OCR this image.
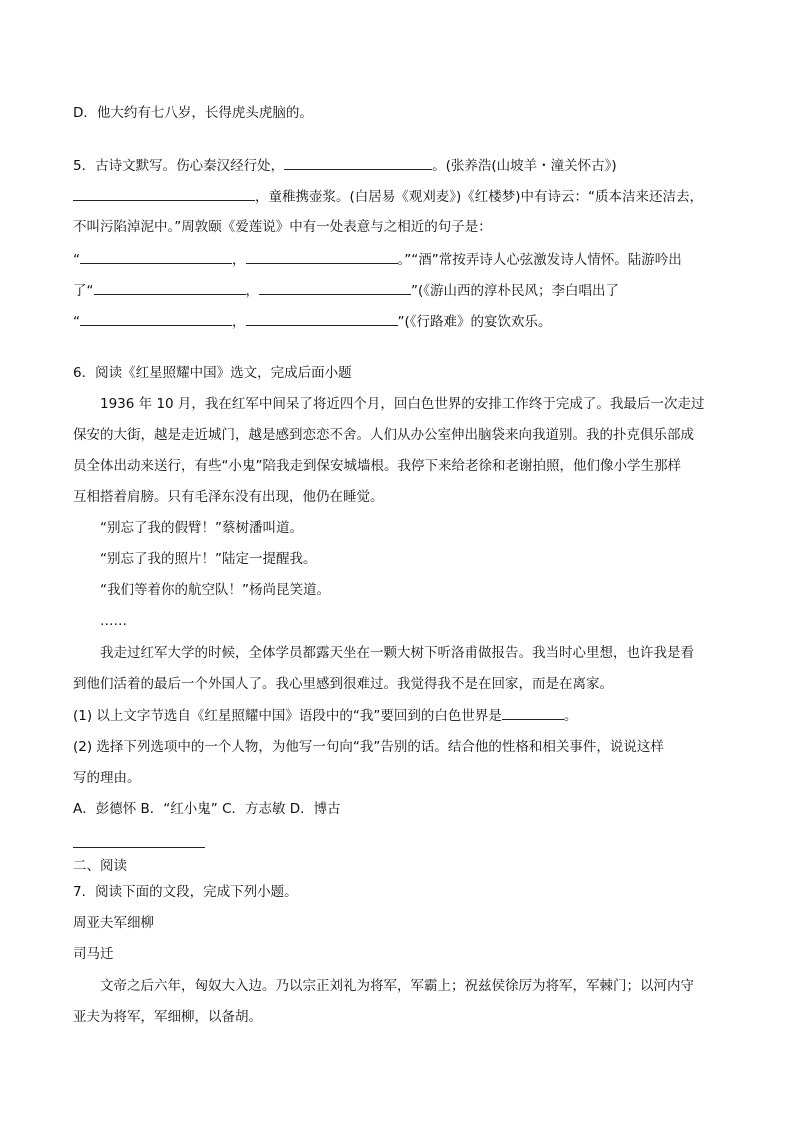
D．他大约有七八岁，长得虎头虎脑的。
5．古诗文默写。伤心秦汉经行处，	。(张养浩(山坡羊・潼关怀古》)
，童稚携壶浆。(白居易《观刈麦》)《红楼梦)中有诗云：“质本洁来还洁去，
不叫污陷淖泥中。”周敦颐《爱莲说》中有一处表意与之相近的句子是：
“	，	。”“酒”常按弄诗人心弦激发诗人情怀。陆游吟出
了“	，	”(《游山西的淳朴民风；李白唱出了
“	，	”(《行路难》的宴饮欢乐。
6．阅读《红星照耀中国》选文，完成后面小题
1936 年 10 月，我在红军中间呆了将近四个月，回白色世界的安排工作终于完成了。我最后一次走过
保安的大街，越是走近城门，越是感到恋恋不舍。人们从办公室伸出脑袋来向我道别。我的扑克俱乐部成
员全体出动来送行，有些“小鬼”陪我走到保安城墙根。我停下来给老徐和老谢拍照，他们像小学生那样
互相搭着肩膀。只有毛泽东没有出现，他仍在睡觉。
“别忘了我的假臂！”蔡树潘叫道。
“别忘了我的照片！”陆定一提醒我。
“我们等着你的航空队！”杨尚昆笑道。
……
我走过红军大学的时候，全体学员都露天坐在一颗大树下听洛甫做报告。我当时心里想，也许我是看
到他们活着的最后一个外国人了。我心里感到很难过。我觉得我不是在回家，而是在离家。
(1) 以上文字节选自《红星照耀中国》语段中的“我”要回到的白色世界是	。
(2) 选择下列选项中的一个人物，为他写一句向“我”告别的话。结合他的性格和相关事件，说说这样
写的理由。
A．彭德怀 B．“红小鬼” C．方志敏 D．博古
二、阅读
7．阅读下面的文段，完成下列小题。
周亚夫军细柳
司马迁
文帝之后六年，匈奴大入边。乃以宗正刘礼为将军，军霸上；祝兹侯徐厉为将军，军棘门；以河内守
亚夫为将军，军细柳，以备胡。
